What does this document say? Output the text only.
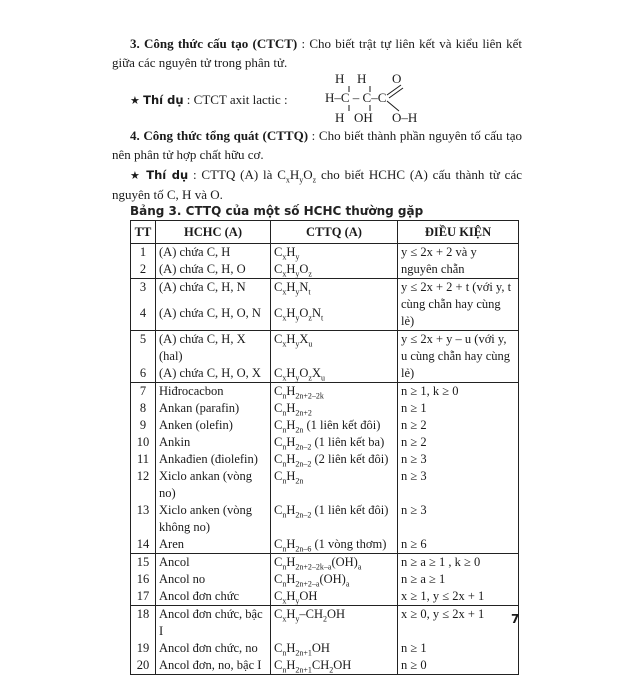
3. Công thức cấu tạo (CTCT) : Cho biết trật tự liên kết và kiểu liên kết giữa các nguyên tử trong phân tử.
★ Thí dụ : CTCT axit lactic :
H H O
H–C – C–C
H OH O–H
4. Công thức tổng quát (CTTQ) : Cho biết thành phần nguyên tố cấu tạo nên phân tử hợp chất hữu cơ.
★ Thí dụ : CTTQ (A) là $C_xH_yO_z$ cho biết HCHC (A) cấu thành từ các nguyên tố C, H và O.
Bảng 3. CTTQ của một số HCHC thường gặp
TT	HCHC (A)	CTTQ (A)	ĐIỀU KIỆN
1	(A) chứa C, H	$C_xH_y$	y ≤ 2x + 2 và y nguyên chẵn
2	(A) chứa C, H, O	$C_xH_yO_z$
3	(A) chứa C, H, N	$C_xH_yN_t$	y ≤ 2x + 2 + t (với y, t cùng chẵn hay cùng lẻ)
4	(A) chứa C, H, O, N	$C_xH_yO_zN_t$
5	(A) chứa C, H, X (hal)	$C_xH_yX_u$	y ≤ 2x + y – u (với y, u cùng chẵn hay cùng lẻ)
6	(A) chứa C, H, O, X	$C_xH_yO_zX_u$
7	Hiđrocacbon	$C_nH_{2n+2-2k}$	n ≥ 1, k ≥ 0
8	Ankan (parafin)	$C_nH_{2n+2}$	n ≥ 1
9	Anken (olefin)	$C_nH_{2n}$ (1 liên kết đôi)	n ≥ 2
10	Ankin	$C_nH_{2n-2}$ (1 liên kết ba)	n ≥ 2
11	Ankađien (điolefin)	$C_nH_{2n-2}$ (2 liên kết đôi)	n ≥ 3
12	Xiclo ankan (vòng no)	$C_nH_{2n}$	n ≥ 3
13	Xiclo anken (vòng không no)	$C_nH_{2n-2}$ (1 liên kết đôi)	n ≥ 3
14	Aren	$C_nH_{2n-6}$ (1 vòng thơm)	n ≥ 6
15	Ancol	$C_nH_{2n+2-2k-a}(OH)_a$	n ≥ a ≥ 1 , k ≥ 0
16	Ancol no	$C_nH_{2n+2-a}(OH)_a$	n ≥ a ≥ 1
17	Ancol đơn chức	$C_xH_yOH$	x ≥ 1, y ≤ 2x + 1
18	Ancol đơn chức, bậc I	$C_xH_y-CH_2OH$	x ≥ 0, y ≤ 2x + 1
19	Ancol đơn chức, no	$C_nH_{2n+1}OH$	n ≥ 1
20	Ancol đơn, no, bậc I	$C_nH_{2n+1}CH_2OH$	n ≥ 0
7
